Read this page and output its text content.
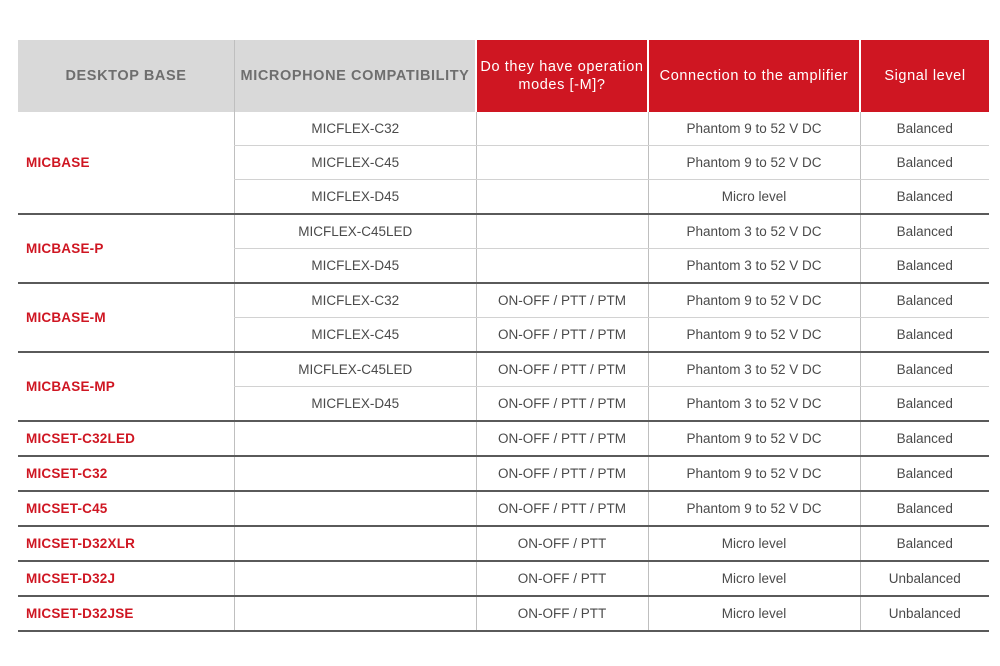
DESKTOP BASE	MICROPHONE COMPATIBILITY	Do they have operation modes [-M]?	Connection to the amplifier	Signal level
MICBASE	MICFLEX-C32		Phantom 9 to 52 V DC	Balanced
	MICFLEX-C45		Phantom 9 to 52 V DC	Balanced
	MICFLEX-D45		Micro level	Balanced
MICBASE-P	MICFLEX-C45LED		Phantom 3 to 52 V DC	Balanced
	MICFLEX-D45		Phantom 3 to 52 V DC	Balanced
MICBASE-M	MICFLEX-C32	ON-OFF / PTT / PTM	Phantom 9 to 52 V DC	Balanced
	MICFLEX-C45	ON-OFF / PTT / PTM	Phantom 9 to 52 V DC	Balanced
MICBASE-MP	MICFLEX-C45LED	ON-OFF / PTT / PTM	Phantom 3 to 52 V DC	Balanced
	MICFLEX-D45	ON-OFF / PTT / PTM	Phantom 3 to 52 V DC	Balanced
MICSET-C32LED		ON-OFF / PTT / PTM	Phantom 9 to 52 V DC	Balanced
MICSET-C32		ON-OFF / PTT / PTM	Phantom 9 to 52 V DC	Balanced
MICSET-C45		ON-OFF / PTT / PTM	Phantom 9 to 52 V DC	Balanced
MICSET-D32XLR		ON-OFF / PTT	Micro level	Balanced
MICSET-D32J		ON-OFF / PTT	Micro level	Unbalanced
MICSET-D32JSE		ON-OFF / PTT	Micro level	Unbalanced
